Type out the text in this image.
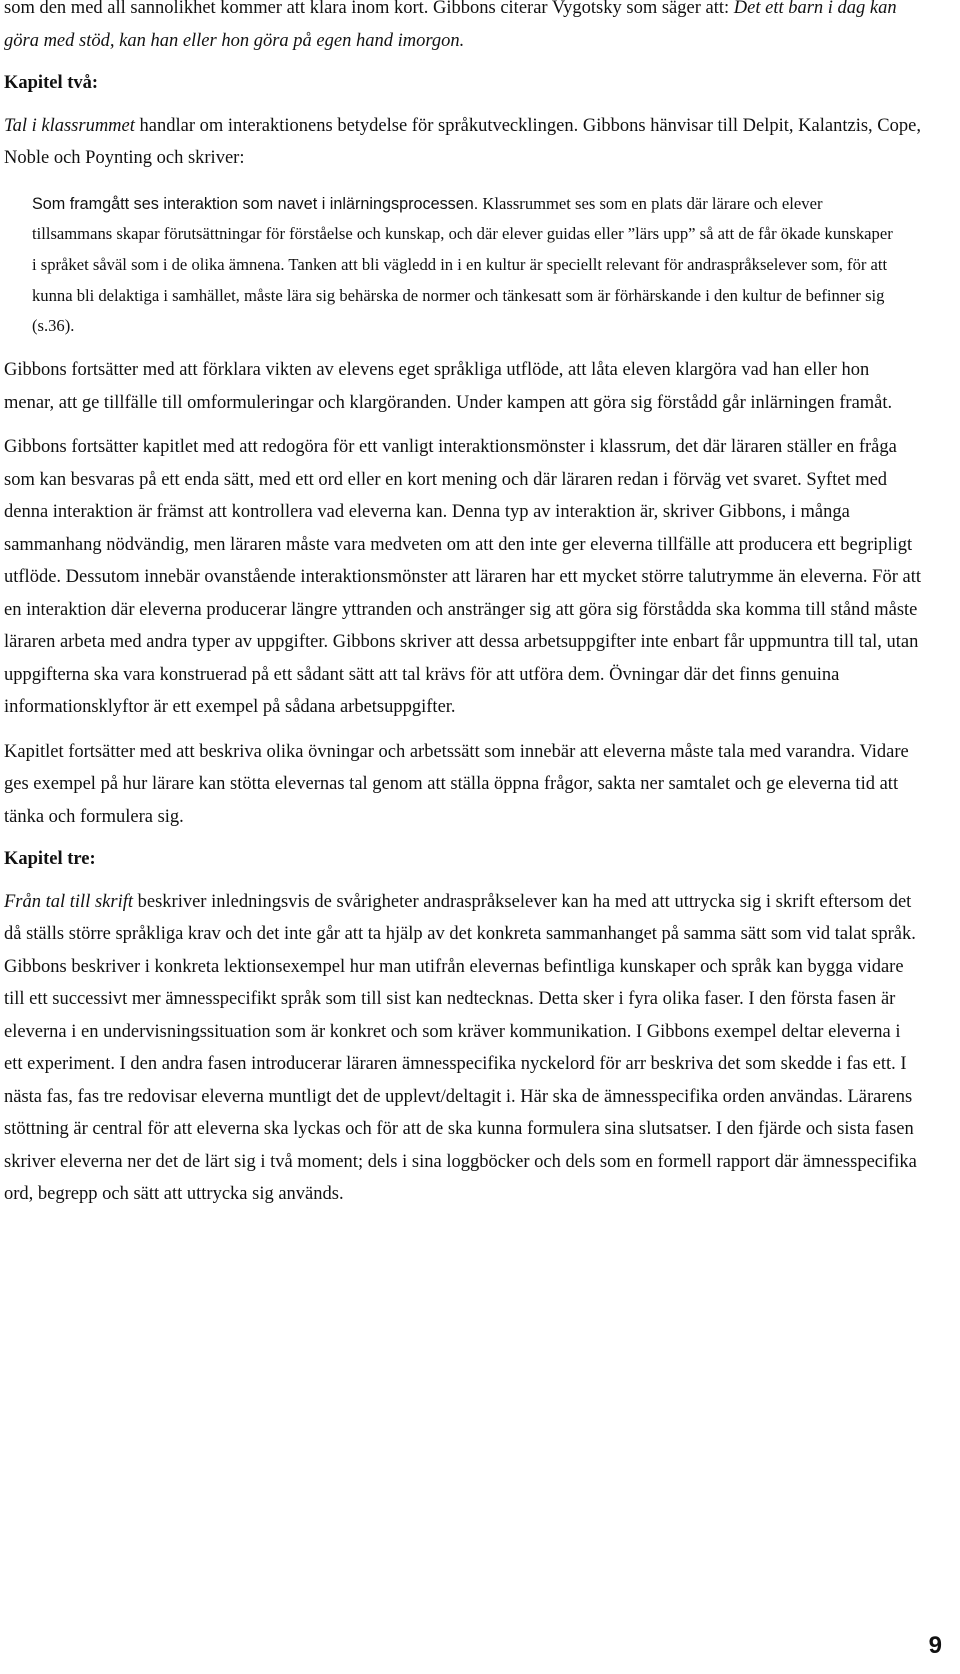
som den med all sannolikhet kommer att klara inom kort. Gibbons citerar Vygotsky som säger att: Det ett barn i dag kan göra med stöd, kan han eller hon göra på egen hand imorgon.

Kapitel två:

Tal i klassrummet handlar om interaktionens betydelse för språkutvecklingen. Gibbons hänvisar till Delpit, Kalantzis, Cope, Noble och Poynting och skriver:

Som framgått ses interaktion som navet i inlärningsprocessen. Klassrummet ses som en plats där lärare och elever tillsammans skapar förutsättningar för förståelse och kunskap, och där elever guidas eller ”lärs upp” så att de får ökade kunskaper i språket såväl som i de olika ämnena. Tanken att bli vägledd in i en kultur är speciellt relevant för andraspråkselever som, för att kunna bli delaktiga i samhället, måste lära sig behärska de normer och tänkesatt som är förhärskande i den kultur de befinner sig (s.36).

Gibbons fortsätter med att förklara vikten av elevens eget språkliga utflöde, att låta eleven klargöra vad han eller hon menar, att ge tillfälle till omformuleringar och klargöranden. Under kampen att göra sig förstådd går inlärningen framåt.

Gibbons fortsätter kapitlet med att redogöra för ett vanligt interaktionsmönster i klassrum, det där läraren ställer en fråga som kan besvaras på ett enda sätt, med ett ord eller en kort mening och där läraren redan i förväg vet svaret. Syftet med denna interaktion är främst att kontrollera vad eleverna kan. Denna typ av interaktion är, skriver Gibbons, i många sammanhang nödvändig, men läraren måste vara medveten om att den inte ger eleverna tillfälle att producera ett begripligt utflöde. Dessutom innebär ovanstående interaktionsmönster att läraren har ett mycket större talutrymme än eleverna. För att en interaktion där eleverna producerar längre yttranden och anstränger sig att göra sig förstådda ska komma till stånd måste läraren arbeta med andra typer av uppgifter. Gibbons skriver att dessa arbetsuppgifter inte enbart får uppmuntra till tal, utan uppgifterna ska vara konstruerad på ett sådant sätt att tal krävs för att utföra dem. Övningar där det finns genuina informationsklyftor är ett exempel på sådana arbetsuppgifter.

Kapitlet fortsätter med att beskriva olika övningar och arbetssätt som innebär att eleverna måste tala med varandra. Vidare ges exempel på hur lärare kan stötta elevernas tal genom att ställa öppna frågor, sakta ner samtalet och ge eleverna tid att tänka och formulera sig.

Kapitel tre:

Från tal till skrift beskriver inledningsvis de svårigheter andraspråkselever kan ha med att uttrycka sig i skrift eftersom det då ställs större språkliga krav och det inte går att ta hjälp av det konkreta sammanhanget på samma sätt som vid talat språk. Gibbons beskriver i konkreta lektionsexempel hur man utifrån elevernas befintliga kunskaper och språk kan bygga vidare till ett successivt mer ämnesspecifikt språk som till sist kan nedtecknas. Detta sker i fyra olika faser. I den första fasen är eleverna i en undervisningssituation som är konkret och som kräver kommunikation. I Gibbons exempel deltar eleverna i ett experiment. I den andra fasen introducerar läraren ämnesspecifika nyckelord för arr beskriva det som skedde i fas ett. I nästa fas, fas tre redovisar eleverna muntligt det de upplevt/deltagit i. Här ska de ämnesspecifika orden användas. Lärarens stöttning är central för att eleverna ska lyckas och för att de ska kunna formulera sina slutsatser. I den fjärde och sista fasen skriver eleverna ner det de lärt sig i två moment; dels i sina loggböcker och dels som en formell rapport där ämnesspecifika ord, begrepp och sätt att uttrycka sig används.

9
